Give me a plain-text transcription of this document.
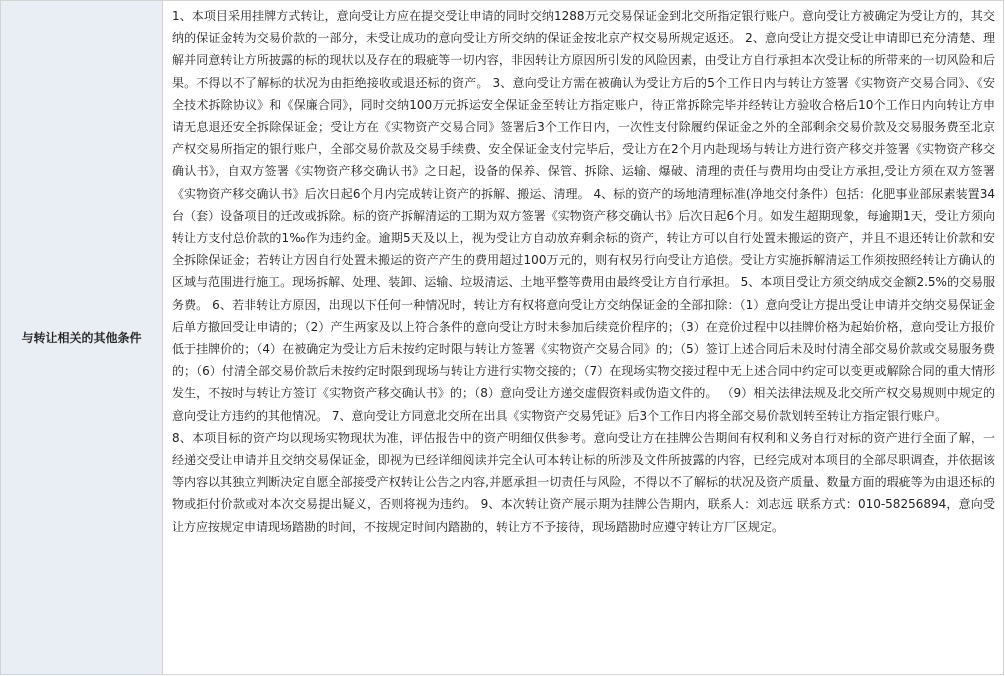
与转让相关的其他条件	

1、本项目采用挂牌方式转让，意向受让方应在提交受让申请的同时交纳1288万元交易保证金到北交所指定银行账户。意向受让方被确定为受让方的，其交纳的保证金转为交易价款的一部分，未受让成功的意向受让方所交纳的保证金按北京产权交易所规定返还。 2、意向受让方提交受让申请即已充分清楚、理解并同意转让方所披露的标的现状以及存在的瑕疵等一切内容，非因转让方原因所引发的风险因素，由受让方自行承担本次受让标的所带来的一切风险和后果。不得以不了解标的状况为由拒绝接收或退还标的资产。 3、意向受让方需在被确认为受让方后的5个工作日内与转让方签署《实物资产交易合同》、《安全技术拆除协议》和《保廉合同》，同时交纳100万元拆运安全保证金至转让方指定账户，待正常拆除完毕并经转让方验收合格后10个工作日内向转让方申请无息退还安全拆除保证金；受让方在《实物资产交易合同》签署后3个工作日内，一次性支付除履约保证金之外的全部剩余交易价款及交易服务费至北京产权交易所指定的银行账户，全部交易价款及交易手续费、安全保证金支付完毕后，受让方在2个月内赴现场与转让方进行资产移交并签署《实物资产移交确认书》，自双方签署《实物资产移交确认书》之日起，设备的保养、保管、拆除、运输、爆破、清理的责任与费用均由受让方承担,受让方须在双方签署《实物资产移交确认书》后次日起6个月内完成转让资产的拆解、搬运、清理。 4、标的资产的场地清理标准(净地交付条件）包括：化肥事业部尿素装置34台（套）设备项目的迁改或拆除。标的资产拆解清运的工期为双方签署《实物资产移交确认书》后次日起6个月。如发生超期现象，每逾期1天，受让方须向转让方支付总价款的1‰作为违约金。逾期5天及以上，视为受让方自动放弃剩余标的资产，转让方可以自行处置未搬运的资产，并且不退还转让价款和安全拆除保证金；若转让方因自行处置未搬运的资产产生的费用超过100万元的，则有权另行向受让方追偿。受让方实施拆解清运工作须按照经转让方确认的区域与范围进行施工。现场拆解、处理、装卸、运输、垃圾清运、土地平整等费用由最终受让方自行承担。 5、本项目受让方须交纳成交金额2.5%的交易服务费。 6、若非转让方原因，出现以下任何一种情况时，转让方有权将意向受让方交纳保证金的全部扣除：（1）意向受让方提出受让申请并交纳交易保证金后单方撤回受让申请的；（2）产生两家及以上符合条件的意向受让方时未参加后续竞价程序的；（3）在竞价过程中以挂牌价格为起始价格，意向受让方报价低于挂牌价的；（4）在被确定为受让方后未按约定时限与转让方签署《实物资产交易合同》的；（5）签订上述合同后未及时付清全部交易价款或交易服务费的；（6）付清全部交易价款后未按约定时限到现场与转让方进行实物交接的；（7）在现场实物交接过程中无上述合同中约定可以变更或解除合同的重大情形发生，不按时与转让方签订《实物资产移交确认书》的；（8）意向受让方递交虚假资料或伪造文件的。 （9）相关法律法规及北交所产权交易规则中规定的意向受让方违约的其他情况。 7、意向受让方同意北交所在出具《实物资产交易凭证》后3个工作日内将全部交易价款划转至转让方指定银行账户。

8、本项目标的资产均以现场实物现状为准，评估报告中的资产明细仅供参考。意向受让方在挂牌公告期间有权利和义务自行对标的资产进行全面了解，一经递交受让申请并且交纳交易保证金，即视为已经详细阅读并完全认可本转让标的所涉及文件所披露的内容，已经完成对本项目的全部尽职调查，并依据该等内容以其独立判断决定自愿全部接受产权转让公告之内容,并愿承担一切责任与风险，不得以不了解标的状况及资产质量、数量方面的瑕疵等为由退还标的物或拒付价款或对本次交易提出疑义，否则将视为违约。 9、本次转让资产展示期为挂牌公告期内，联系人：刘志远 联系方式：010-58256894，意向受让方应按规定申请现场踏勘的时间，不按规定时间内踏勘的，转让方不予接待，现场踏勘时应遵守转让方厂区规定。
